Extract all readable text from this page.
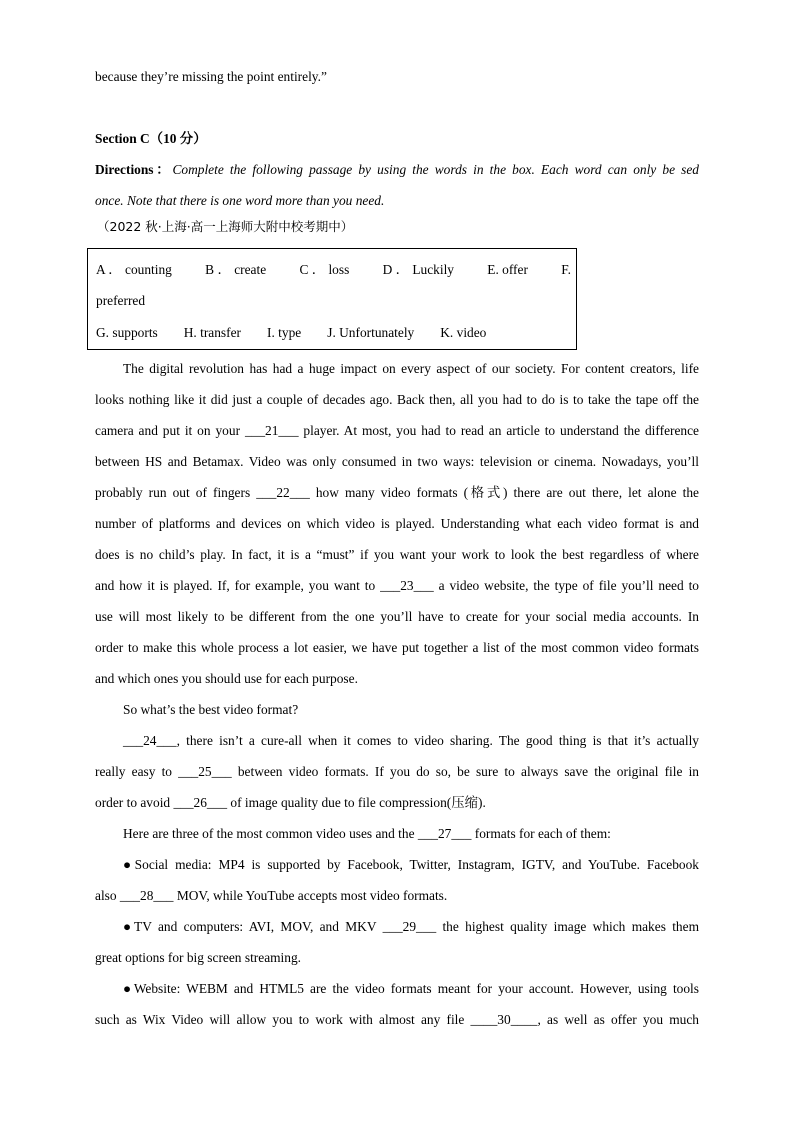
because they’re missing the point entirely.”
Section C（10 分）
Directions：Complete the following passage by using the words in the box. Each word can only be sed
once. Note that there is one word more than you need.
（2022 秋·上海·高一上海师大附中校考期中）
A ． counting B ． create C ． loss D ． Luckily E. offer F.
preferred
G. supports H. transfer I. type J. Unfortunately K. video
The digital revolution has had a huge impact on every aspect of our society. For content creators, life
looks nothing like it did just a couple of decades ago. Back then, all you had to do is to take the tape off the
camera and put it on your ___21___ player. At most, you had to read an article to understand the difference
between HS and Betamax. Video was only consumed in two ways: television or cinema. Nowadays, you’ll
probably run out of fingers ___22___ how many video formats (格式) there are out there, let alone the
number of platforms and devices on which video is played. Understanding what each video format is and
does is no child’s play. In fact, it is a “must” if you want your work to look the best regardless of where
and how it is played. If, for example, you want to ___23___ a video website, the type of file you’ll need to
use will most likely to be different from the one you’ll have to create for your social media accounts. In
order to make this whole process a lot easier, we have put together a list of the most common video formats
and which ones you should use for each purpose.
So what’s the best video format?
___24___, there isn’t a cure-all when it comes to video sharing. The good thing is that it’s actually
really easy to ___25___ between video formats. If you do so, be sure to always save the original file in
order to avoid ___26___ of image quality due to file compression(压缩).
Here are three of the most common video uses and the ___27___ formats for each of them:
●Social media: MP4 is supported by Facebook, Twitter, Instagram, IGTV, and YouTube. Facebook
also ___28___ MOV, while YouTube accepts most video formats.
●TV and computers: AVI, MOV, and MKV ___29___ the highest quality image which makes them
great options for big screen streaming.
●Website: WEBM and HTML5 are the video formats meant for your account. However, using tools
such as Wix Video will allow you to work with almost any file ____30____, as well as offer you much
